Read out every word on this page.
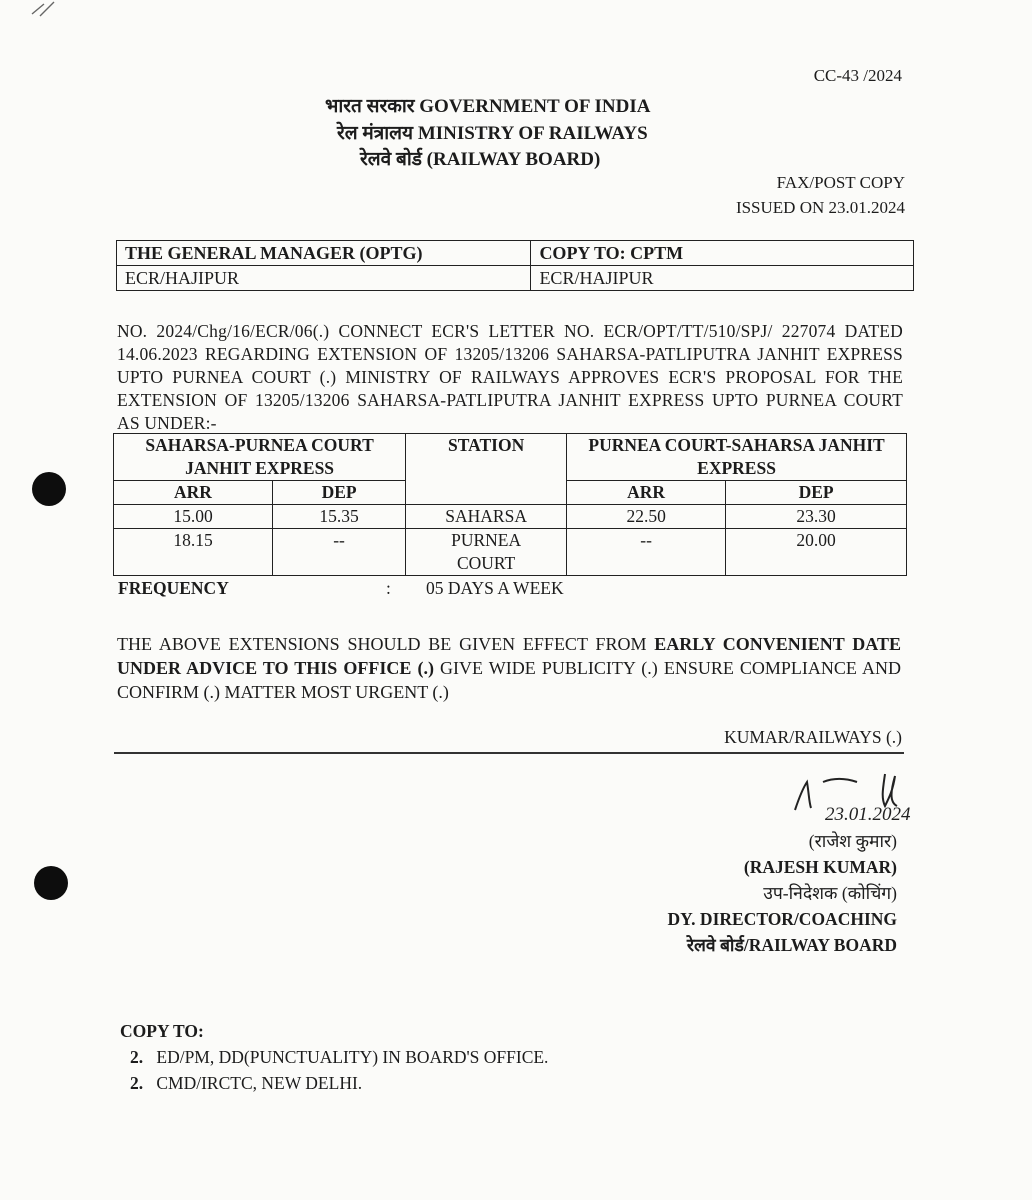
CC-43 /2024
भारत सरकार GOVERNMENT OF INDIA
रेल मंत्रालय MINISTRY OF RAILWAYS
रेलवे बोर्ड (RAILWAY BOARD)
FAX/POST COPY
ISSUED ON 23.01.2024
THE GENERAL MANAGER (OPTG)	COPY TO: CPTM
ECR/HAJIPUR	ECR/HAJIPUR
NO. 2024/Chg/16/ECR/06(.) CONNECT ECR'S LETTER NO. ECR/OPT/TT/510/SPJ/ 227074 DATED 14.06.2023 REGARDING EXTENSION OF 13205/13206 SAHARSA-PATLIPUTRA JANHIT EXPRESS UPTO PURNEA COURT (.) MINISTRY OF RAILWAYS APPROVES ECR'S PROPOSAL FOR THE EXTENSION OF 13205/13206 SAHARSA-PATLIPUTRA JANHIT EXPRESS UPTO PURNEA COURT AS UNDER:-
SAHARSA-PURNEA COURT JANHIT EXPRESS		STATION	PURNEA COURT-SAHARSA JANHIT EXPRESS	
ARR	DEP		ARR	DEP
15.00	15.35	SAHARSA	22.50	23.30
18.15	--	PURNEA COURT	--	20.00
FREQUENCY	: 05 DAYS A WEEK
THE ABOVE EXTENSIONS SHOULD BE GIVEN EFFECT FROM EARLY CONVENIENT DATE UNDER ADVICE TO THIS OFFICE (.) GIVE WIDE PUBLICITY (.) ENSURE COMPLIANCE AND CONFIRM (.) MATTER MOST URGENT (.)
KUMAR/RAILWAYS (.)
23.01.2024
(राजेश कुमार)
(RAJESH KUMAR)
उप-निदेशक (कोचिंग)
DY. DIRECTOR/COACHING
रेलवे बोर्ड/RAILWAY BOARD
COPY TO:
2. ED/PM, DD(PUNCTUALITY) IN BOARD'S OFFICE.
2. CMD/IRCTC, NEW DELHI.
